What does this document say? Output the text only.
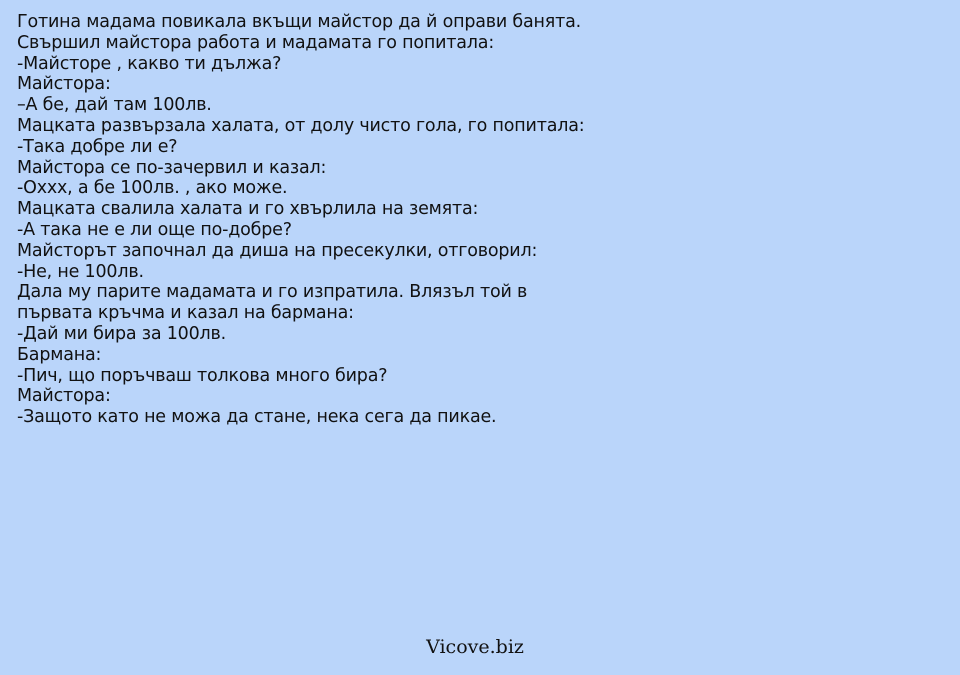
Готина мадама повикала вкъщи майстор да й оправи банята.
Свършил майстора работа и мадамата го попитала:
-Майсторе , какво ти дължа?
Майстора:
–А бе, дай там 100лв.
Мацката развързала халата, от долу чисто гола, го попитала:
-Така добре ли е?
Майстора се по-зачервил и казал:
-Оххх, а бе 100лв. , ако може.
Мацката свалила халата и го хвърлила на земята:
-А така не е ли още по-добре?
Майсторът започнал да диша на пресекулки, отговорил:
-Не, не 100лв.
Дала му парите мадамата и го изпратила. Влязъл той в първата кръчма и казал на бармана:
-Дай ми бира за 100лв.
Бармана:
-Пич, що поръчваш толкова много бира?
Майстора:
-Защото като не можа да стане, нека сега да пикае.
Vicove.biz
